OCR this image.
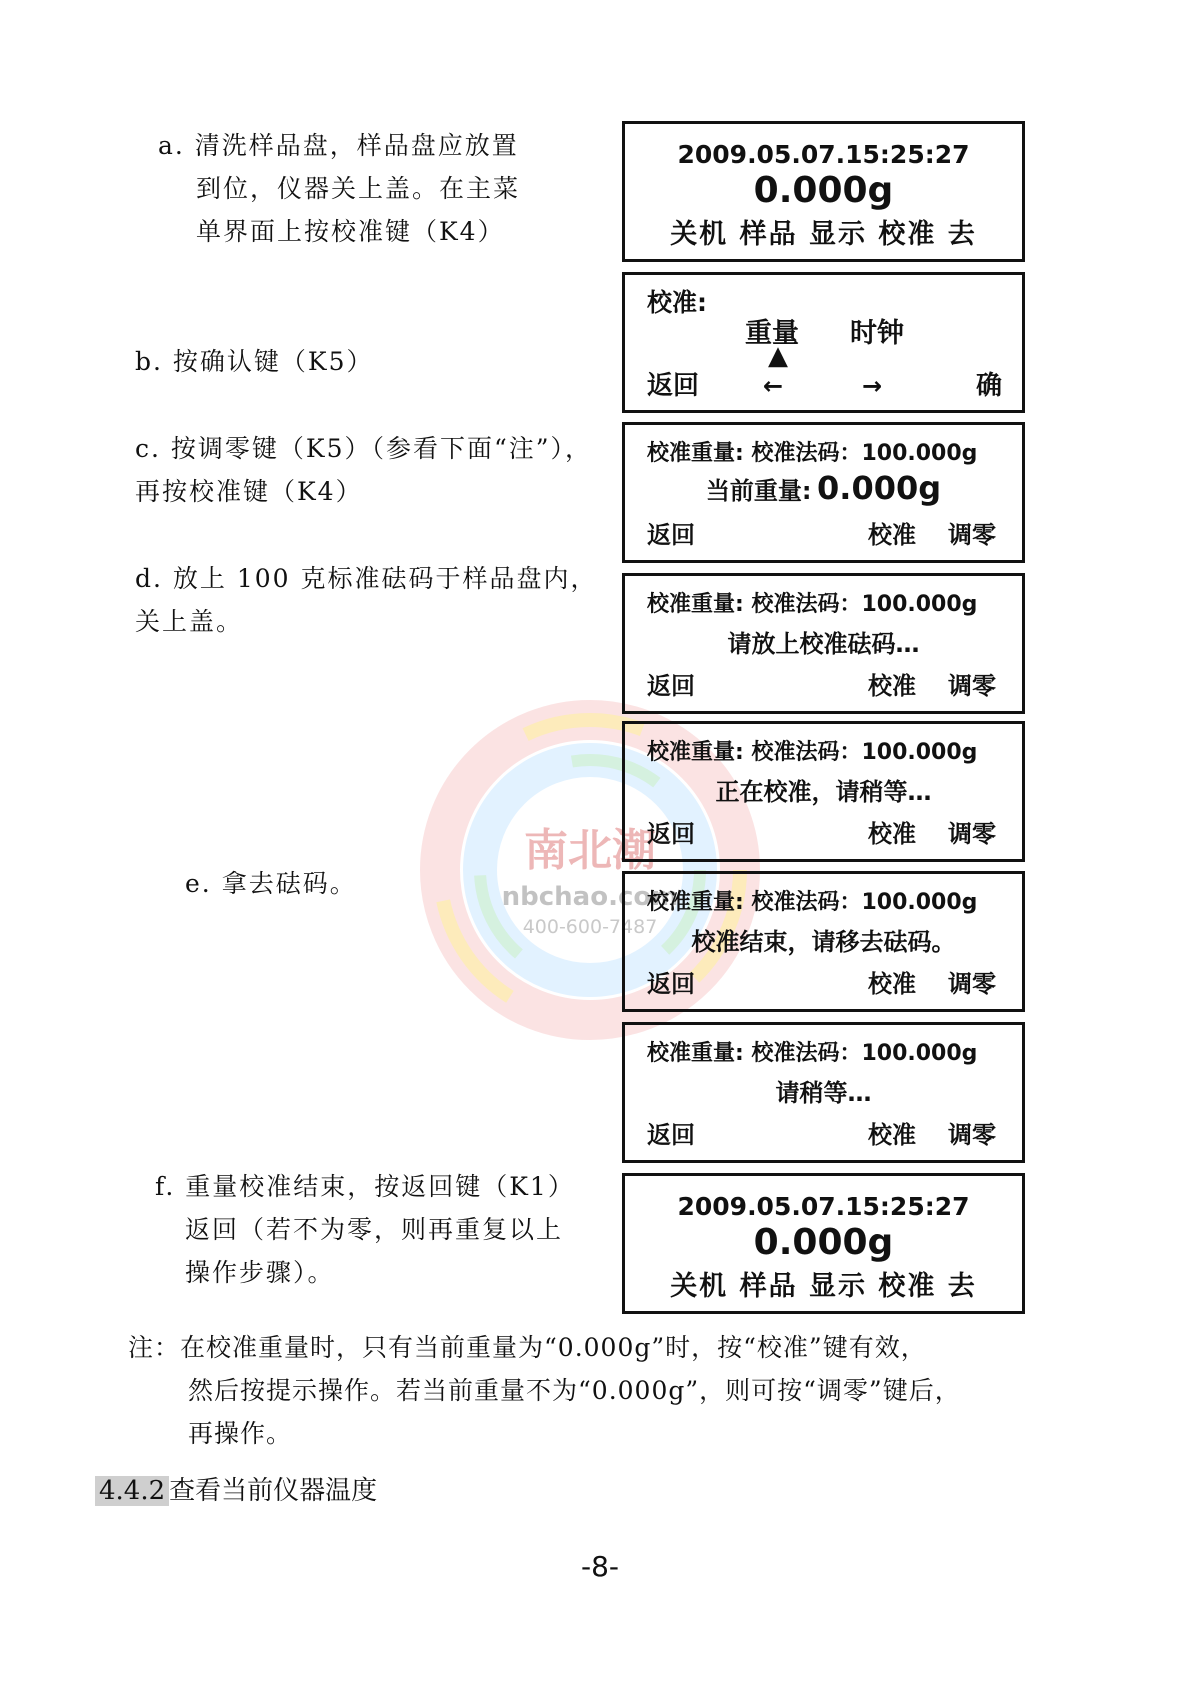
南北潮
nbchao.com
400-600-7487
a. 清洗样品盘，样品盘应放置
到位，仪器关上盖。在主菜
单界面上按校准键（K4）
b. 按确认键（K5）
c. 按调零键（K5）（参看下面“注”），
再按校准键（K4）
d. 放上 100 克标准砝码于样品盘内，
关上盖。
e. 拿去砝码。
f. 重量校准结束，按返回键（K1）
返回（若不为零，则再重复以上
操作步骤）。
2009.05.07.15:25:27
0.000g
关机 样品 显示 校准 去
校准:
重量 时钟
▲
返回	←	→	确
校准重量: 校准法码：100.000g
当前重量: 0.000g
返回	校准 调零
校准重量: 校准法码：100.000g
请放上校准砝码…
返回	校准 调零
校准重量: 校准法码：100.000g
正在校准，请稍等…
返回	校准 调零
校准重量: 校准法码：100.000g
校准结束，请移去砝码。
返回	校准 调零
校准重量: 校准法码：100.000g
请稍等…
返回	校准 调零
2009.05.07.15:25:27
0.000g
关机 样品 显示 校准 去
注：在校准重量时，只有当前重量为“0.000g”时，按“校准”键有效，
然后按提示操作。若当前重量不为“0.000g”，则可按“调零”键后，
再操作。
4.4.2 查看当前仪器温度
-8-
